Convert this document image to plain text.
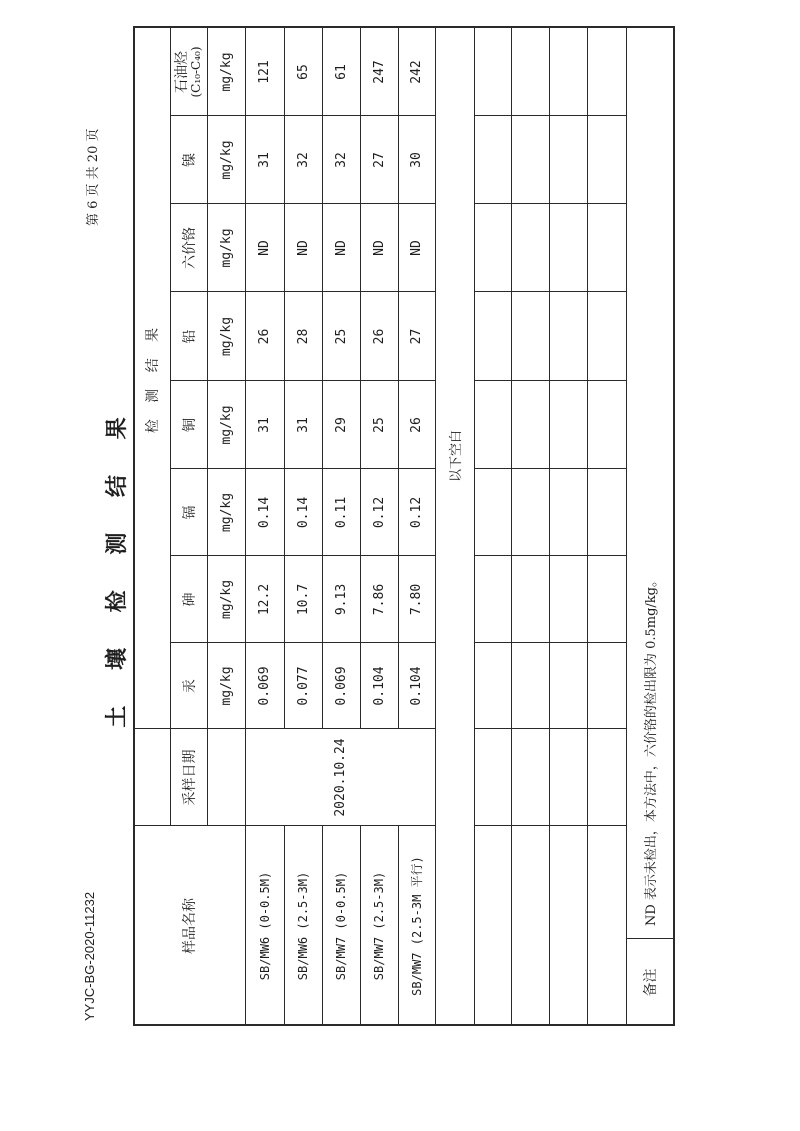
YYJC-BG-2020-11232
第 6 页 共 20 页
土 壤 检 测 结 果
样品名称
采样日期
检 测 结 果
汞
砷
镉
铜
铅
六价铬
镍
石油烃 (C₁₀-C₄₀)
mg/kg
mg/kg
mg/kg
mg/kg
mg/kg
mg/kg
mg/kg
mg/kg
2020.10.24
SB/MW6 (0-0.5M)
0.069
12.2
0.14
31
26
ND
31
121
SB/MW6 (2.5-3M)
0.077
10.7
0.14
31
28
ND
32
65
SB/MW7 (0-0.5M)
0.069
9.13
0.11
29
25
ND
32
61
SB/MW7 (2.5-3M)
0.104
7.86
0.12
25
26
ND
27
247
SB/MW7 (2.5-3M 平行)
0.104
7.80
0.12
26
27
ND
30
242
以下空白
备注
ND 表示未检出，本方法中，六价铬的检出限为 0.5mg/kg。
